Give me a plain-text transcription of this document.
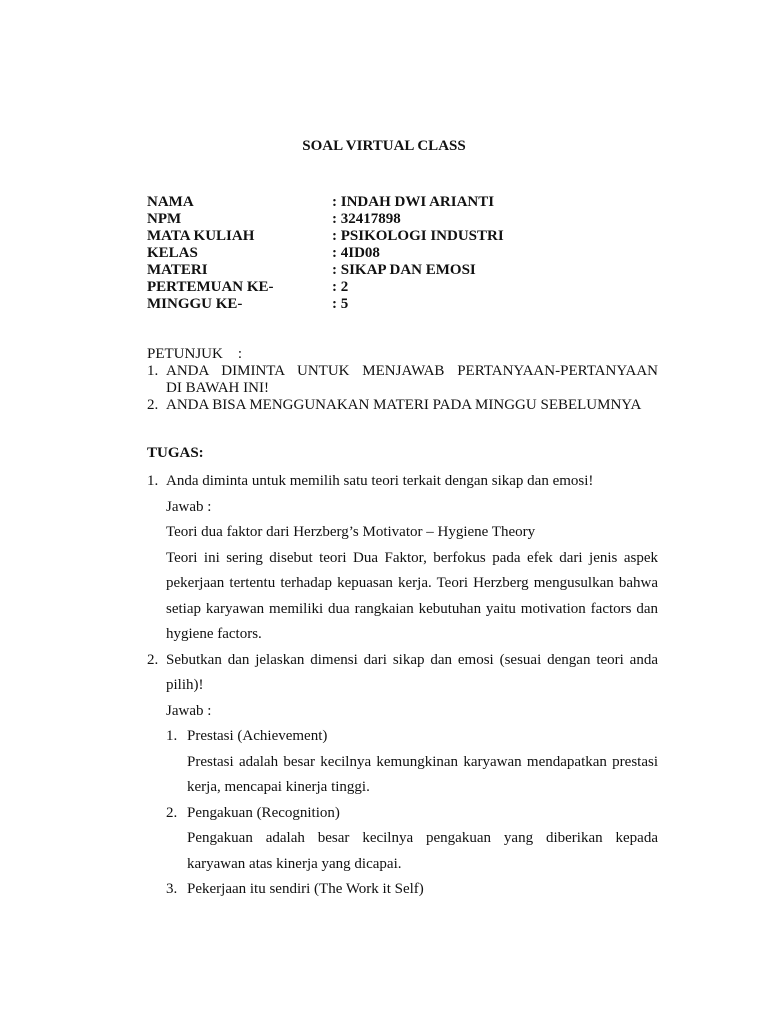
SOAL VIRTUAL CLASS
NAMA	: INDAH DWI ARIANTI
NPM	: 32417898
MATA KULIAH	: PSIKOLOGI INDUSTRI
KELAS	: 4ID08
MATERI	: SIKAP DAN EMOSI
PERTEMUAN KE-	: 2
MINGGU KE-	: 5
PETUNJUK    :
1. ANDA DIMINTA UNTUK MENJAWAB PERTANYAAN-PERTANYAAN
DI BAWAH INI!
2. ANDA BISA MENGGUNAKAN MATERI PADA MINGGU SEBELUMNYA
TUGAS:
1. Anda diminta untuk memilih satu teori terkait dengan sikap dan emosi!
Jawab :
Teori dua faktor dari Herzberg’s Motivator – Hygiene Theory
Teori ini sering disebut teori Dua Faktor, berfokus pada efek dari jenis aspek
pekerjaan tertentu terhadap kepuasan kerja. Teori Herzberg mengusulkan bahwa
setiap karyawan memiliki dua rangkaian kebutuhan yaitu motivation factors dan
hygiene factors.
2. Sebutkan dan jelaskan dimensi dari sikap dan emosi (sesuai dengan teori anda
pilih)!
Jawab :
1. Prestasi (Achievement)
Prestasi adalah besar kecilnya kemungkinan karyawan mendapatkan prestasi
kerja, mencapai kinerja tinggi.
2. Pengakuan (Recognition)
Pengakuan adalah besar kecilnya pengakuan yang diberikan kepada
karyawan atas kinerja yang dicapai.
3. Pekerjaan itu sendiri (The Work it Self)
